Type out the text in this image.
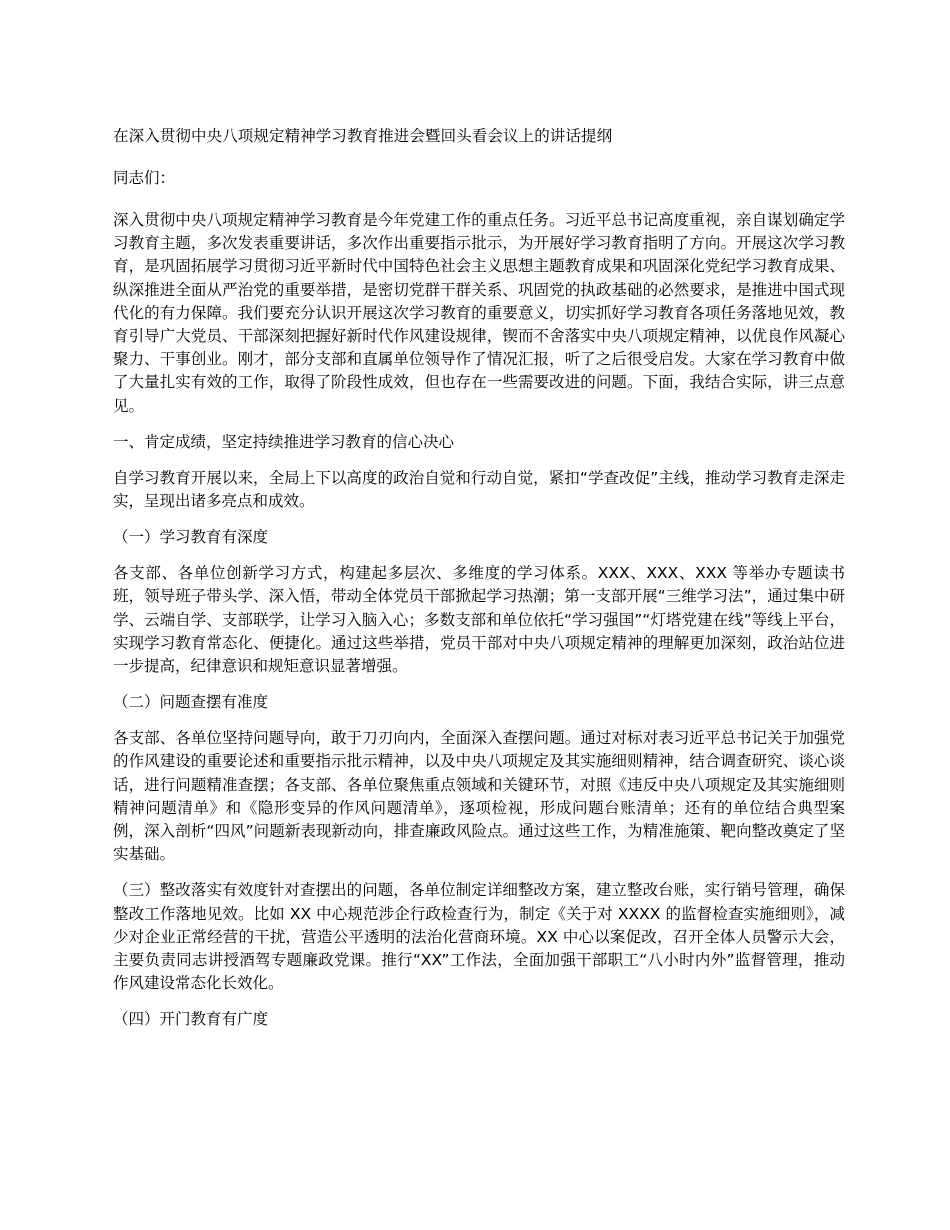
在深入贯彻中央八项规定精神学习教育推进会暨回头看会议上的讲话提纲
同志们：

深入贯彻中央八项规定精神学习教育是今年党建工作的重点任务。习近平总书记高度重视，亲自谋划确定学习教育主题，多次发表重要讲话，多次作出重要指示批示，为开展好学习教育指明了方向。开展这次学习教育，是巩固拓展学习贯彻习近平新时代中国特色社会主义思想主题教育成果和巩固深化党纪学习教育成果、纵深推进全面从严治党的重要举措，是密切党群干群关系、巩固党的执政基础的必然要求，是推进中国式现代化的有力保障。我们要充分认识开展这次学习教育的重要意义，切实抓好学习教育各项任务落地见效，教育引导广大党员、干部深刻把握好新时代作风建设规律，锲而不舍落实中央八项规定精神，以优良作风凝心聚力、干事创业。刚才，部分支部和直属单位领导作了情况汇报，听了之后很受启发。大家在学习教育中做了大量扎实有效的工作，取得了阶段性成效，但也存在一些需要改进的问题。下面，我结合实际，讲三点意见。

一、肯定成绩，坚定持续推进学习教育的信心决心

自学习教育开展以来，全局上下以高度的政治自觉和行动自觉，紧扣“学查改促”主线，推动学习教育走深走实，呈现出诸多亮点和成效。

（一）学习教育有深度

各支部、各单位创新学习方式，构建起多层次、多维度的学习体系。XXX、XXX、XXX 等举办专题读书班，领导班子带头学、深入悟，带动全体党员干部掀起学习热潮；第一支部开展“三维学习法”，通过集中研学、云端自学、支部联学，让学习入脑入心；多数支部和单位依托“学习强国”“灯塔党建在线”等线上平台，实现学习教育常态化、便捷化。通过这些举措，党员干部对中央八项规定精神的理解更加深刻，政治站位进一步提高，纪律意识和规矩意识显著增强。

（二）问题查摆有准度

各支部、各单位坚持问题导向，敢于刀刃向内，全面深入查摆问题。通过对标对表习近平总书记关于加强党的作风建设的重要论述和重要指示批示精神，以及中央八项规定及其实施细则精神，结合调查研究、谈心谈话，进行问题精准查摆；各支部、各单位聚焦重点领域和关键环节，对照《违反中央八项规定及其实施细则精神问题清单》和《隐形变异的作风问题清单》，逐项检视，形成问题台账清单；还有的单位结合典型案例，深入剖析“四风”问题新表现新动向，排查廉政风险点。通过这些工作，为精准施策、靶向整改奠定了坚实基础。

（三）整改落实有效度针对查摆出的问题，各单位制定详细整改方案，建立整改台账，实行销号管理，确保整改工作落地见效。比如 XX 中心规范涉企行政检查行为，制定《关于对 XXXX 的监督检查实施细则》，减少对企业正常经营的干扰，营造公平透明的法治化营商环境。XX 中心以案促改，召开全体人员警示大会，主要负责同志讲授酒驾专题廉政党课。推行“XX”工作法，全面加强干部职工“八小时内外”监督管理，推动作风建设常态化长效化。

（四）开门教育有广度
